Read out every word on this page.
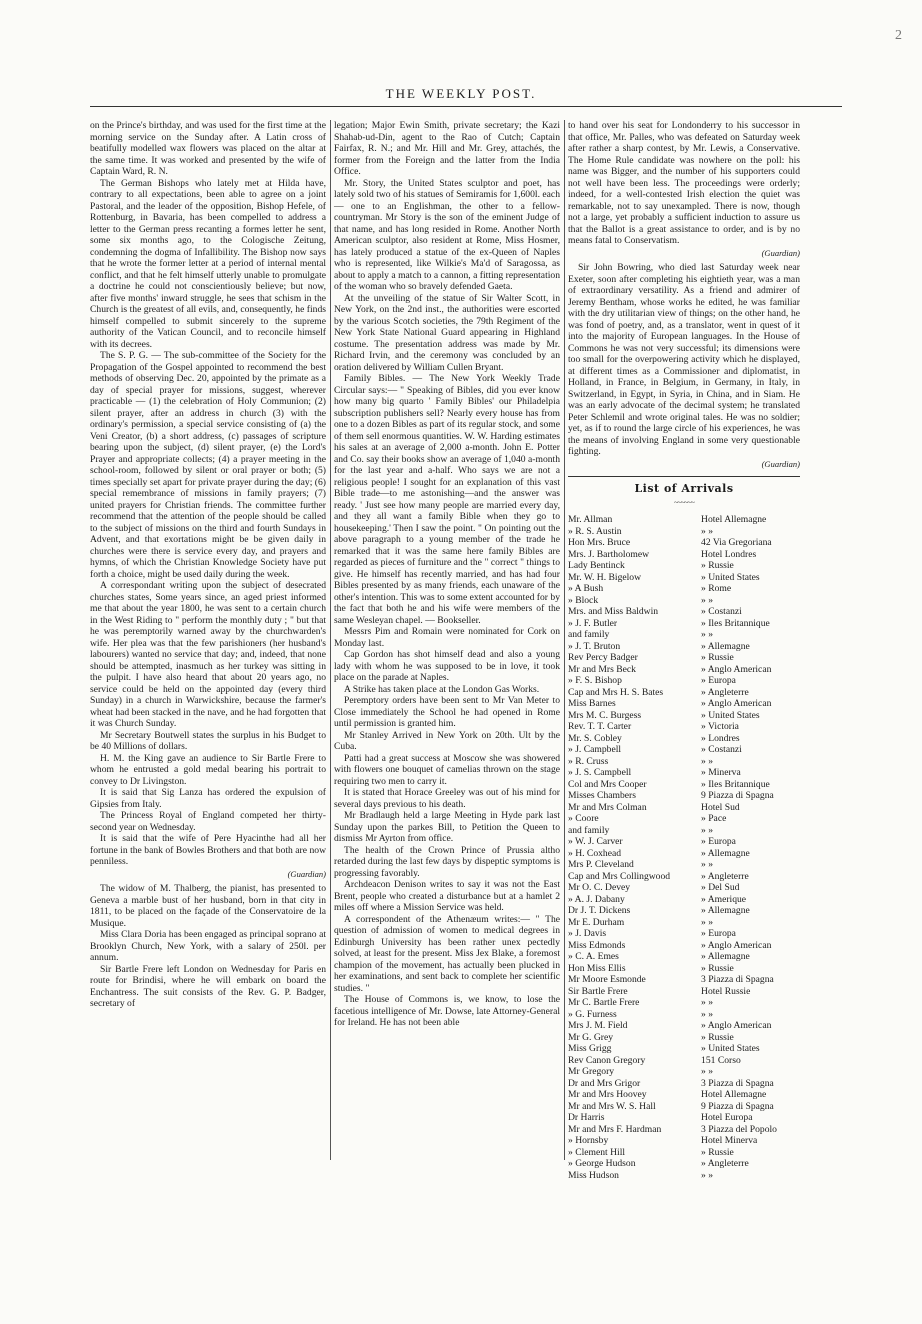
2
THE WEEKLY POST.

on the Prince's birthday, and was used for the first time at the morning service on the Sunday after. A Latin cross of beatifully modelled wax flowers was placed on the altar at the same time. It was worked and presented by the wife of Captain Ward, R. N.

The German Bishops who lately met at Hilda have, contrary to all expectations, been able to agree on a joint Pastoral, and the leader of the opposition, Bishop Hefele, of Rottenburg, in Bavaria, has been compelled to address a letter to the German press recanting a formes letter he sent, some six months ago, to the Cologische Zeitung, condemning the dogma of Infallibility. The Bishop now says that he wrote the former letter at a period of internal mental conflict, and that he felt himself utterly unable to promulgate a doctrine he could not conscientiously believe; but now, after five months' inward struggle, he sees that schism in the Church is the greatest of all evils, and, consequently, he finds himself compelled to submit sincerely to the supreme authority of the Vatican Council, and to reconcile himself with its decrees.

The S. P. G. — The sub-committee of the Society for the Propagation of the Gospel appointed to recommend the best methods of observing Dec. 20, appointed by the primate as a day of special prayer for missions, suggest, wherever practicable — (1) the celebration of Holy Communion; (2) silent prayer, after an address in church (3) with the ordinary's permission, a special service consisting of (a) the Veni Creator, (b) a short address, (c) passages of scripture bearing upon the subject, (d) silent prayer, (e) the Lord's Prayer and appropriate collects; (4) a prayer meeting in the school-room, followed by silent or oral prayer or both; (5) times specially set apart for private prayer during the day; (6) special remembrance of missions in family prayers; (7) united prayers for Christian friends. The committee further recommend that the attention of the people should be called to the subject of missions on the third and fourth Sundays in Advent, and that exortations might be be given daily in churches were there is service every day, and prayers and hymns, of which the Christian Knowledge Society have put forth a choice, might be used daily during the week.

A correspondant writing upon the subject of desecrated churches states, Some years since, an aged priest informed me that about the year 1800, he was sent to a certain church in the West Riding to " perform the monthly duty ; " but that he was peremptorily warned away by the churchwarden's wife. Her plea was that the few parishioners (her husband's labourers) wanted no service that day; and, indeed, that none should be attempted, inasmuch as her turkey was sitting in the pulpit. I have also heard that about 20 years ago, no service could be held on the appointed day (every third Sunday) in a church in Warwickshire, because the farmer's wheat had been stacked in the nave, and he had forgotten that it was Church Sunday.

Mr Secretary Boutwell states the surplus in his Budget to be 40 Millions of dollars.

H. M. the King gave an audience to Sir Bartle Frere to whom he entrusted a gold medal bearing his portrait to convey to Dr Livingston.

It is said that Sig Lanza has ordered the expulsion of Gipsies from Italy.

The Princess Royal of England competed her thirty-second year on Wednesday.

It is said that the wife of Pere Hyacinthe had all her fortune in the bank of Bowles Brothers and that both are now penniless.

(Guardian)

The widow of M. Thalberg, the pianist, has presented to Geneva a marble bust of her husband, born in that city in 1811, to be placed on the façade of the Conservatoire de la Musique.

Miss Clara Doria has been engaged as principal soprano at Brooklyn Church, New York, with a salary of 250l. per annum.

Sir Bartle Frere left London on Wednesday for Paris en route for Brindisi, where he will embark on board the Enchantress. The suit consists of the Rev. G. P. Badger, secretary of

legation; Major Ewin Smith, private secretary; the Kazi Shahab-ud-Din, agent to the Rao of Cutch; Captain Fairfax, R. N.; and Mr. Hill and Mr. Grey, attachés, the former from the Foreign and the latter from the India Office.

Mr. Story, the United States sculptor and poet, has lately sold two of his statues of Semiramis for 1,600l. each — one to an Englishman, the other to a fellow-countryman. Mr Story is the son of the eminent Judge of that name, and has long resided in Rome. Another North American sculptor, also resident at Rome, Miss Hosmer, has lately produced a statue of the ex-Queen of Naples who is represented, like Wilkie's Ma'd of Saragossa, as about to apply a match to a cannon, a fitting representation of the woman who so bravely defended Gaeta.

At the unveiling of the statue of Sir Walter Scott, in New York, on the 2nd inst., the authorities were escorted by the various Scotch societies, the 79th Regiment of the New York State National Guard appearing in Highland costume. The presentation address was made by Mr. Richard Irvin, and the ceremony was concluded by an oration delivered by William Cullen Bryant.

Family Bibles. — The New York Weekly Trade Circular says:— " Speaking of Bibles, did you ever know how many big quarto ' Family Bibles' our Philadelpia subscription publishers sell? Nearly every house has from one to a dozen Bibles as part of its regular stock, and some of them sell enormous quantities. W. W. Harding estimates his sales at an average of 2,000 a-month. John E. Potter and Co. say their books show an average of 1,040 a-month for the last year and a-half. Who says we are not a religious people! I sought for an explanation of this vast Bible trade—to me astonishing—and the answer was ready. ' Just see how many people are married every day, and they all want a family Bible when they go to housekeeping.' Then I saw the point. " On pointing out the above paragraph to a young member of the trade he remarked that it was the same here family Bibles are regarded as pieces of furniture and the " correct " things to give. He himself has recently married, and has had four Bibles presented by as many friends, each unaware of the other's intention. This was to some extent accounted for by the fact that both he and his wife were members of the same Wesleyan chapel. — Bookseller.

Messrs Pim and Romain were nominated for Cork on Monday last.

Cap Gordon has shot himself dead and also a young lady with whom he was supposed to be in love, it took place on the parade at Naples.

A Strike has taken place at the London Gas Works.

Peremptory orders have been sent to Mr Van Meter to Close immediately the School he had opened in Rome until permission is granted him.

Mr Stanley Arrived in New York on 20th. Ult by the Cuba.

Patti had a great success at Moscow she was showered with flowers one bouquet of camelias thrown on the stage requiring two men to carry it.

It is stated that Horace Greeley was out of his mind for several days previous to his death.

Mr Bradlaugh held a large Meeting in Hyde park last Sunday upon the parkes Bill, to Petition the Queen to dismiss Mr Ayrton from office.

The health of the Crown Prince of Prussia altho retarded during the last few days by dispeptic symptoms is progressing favorably.

Archdeacon Denison writes to say it was not the East Brent, people who created a disturbance but at a hamlet 2 miles off where a Mission Service was held.

A correspondent of the Athenæum writes:— " The question of admission of women to medical degrees in Edinburgh University has been rather unex pectedly solved, at least for the present. Miss Jex Blake, a foremost champion of the movement, has actually been plucked in her examinations, and sent back to complete her scientific studies. "

The House of Commons is, we know, to lose the facetious intelligence of Mr. Dowse, late Attorney-General for Ireland. He has not been able

to hand over his seat for Londonderry to his successor in that office, Mr. Palles, who was defeated on Saturday week after rather a sharp contest, by Mr. Lewis, a Conservative. The Home Rule candidate was nowhere on the poll: his name was Bigger, and the number of his supporters could not well have been less. The proceedings were orderly; indeed, for a well-contested Irish election the quiet was remarkable, not to say unexampled. There is now, though not a large, yet probably a sufficient induction to assure us that the Ballot is a great assistance to order, and is by no means fatal to Conservatism.

(Guardian)

Sir John Bowring, who died last Saturday week near Exeter, soon after completing his eightieth year, was a man of extraordinary versatility. As a friend and admirer of Jeremy Bentham, whose works he edited, he was familiar with the dry utilitarian view of things; on the other hand, he was fond of poetry, and, as a translator, went in quest of it into the majority of European languages. In the House of Commons he was not very successful; its dimensions were too small for the overpowering activity which he displayed, at different times as a Commissioner and diplomatist, in Holland, in France, in Belgium, in Germany, in Italy, in Switzerland, in Egypt, in Syria, in China, and in Siam. He was an early advocate of the decimal system; he translated Peter Schlemil and wrote original tales. He was no soldier; yet, as if to round the large circle of his experiences, he was the means of involving England in some very questionable fighting.

(Guardian)

List of Arrivals
~~~~~~
Mr. Allman	Hotel Allemagne
» R. S. Austin	» »
Hon Mrs. Bruce	42 Via Gregoriana
Mrs. J. Bartholomew	Hotel Londres
Lady Bentinck	» Russie
Mr. W. H. Bigelow	» United States
» A Bush	» Rome
» Block	» »
Mrs. and Miss Baldwin	» Costanzi
» J. F. Butler	» Iles Britannique
and family	» »
» J. T. Bruton	» Allemagne
Rev Percy Badger	» Russie
Mr and Mrs Beck	» Anglo American
» F. S. Bishop	» Europa
Cap and Mrs H. S. Bates	» Angleterre
Miss Barnes	» Anglo American
Mrs M. C. Burgess	» United States
Rev. T. T. Carter	» Victoria
Mr. S. Cobley	» Londres
» J. Campbell	» Costanzi
» R. Cruss	» »
» J. S. Campbell	» Minerva
Col and Mrs Cooper	» Iles Britannique
Misses Chambers	9 Piazza di Spagna
Mr and Mrs Colman	Hotel Sud
» Coore	» Pace
and family	» »
» W. J. Carver	» Europa
» H. Coxhead	» Allemagne
Mrs P. Cleveland	» »
Cap and Mrs Collingwood	» Angleterre
Mr O. C. Devey	» Del Sud
» A. J. Dabany	» Amerique
Dr J. T. Dickens	» Allemagne
Mr E. Durham	» »
» J. Davis	» Europa
Miss Edmonds	» Anglo American
» C. A. Emes	» Allemagne
Hon Miss Ellis	» Russie
Mr Moore Esmonde	3 Piazza di Spagna
Sir Bartle Frere	Hotel Russie
Mr C. Bartle Frere	» »
» G. Furness	» »
Mrs J. M. Field	» Anglo American
Mr G. Grey	» Russie
Miss Grigg	» United States
Rev Canon Gregory	151 Corso
Mr Gregory	» »
Dr and Mrs Grigor	3 Piazza di Spagna
Mr and Mrs Hoovey	Hotel Allemagne
Mr and Mrs W. S. Hall	9 Piazza di Spagna
Dr Harris	Hotel Europa
Mr and Mrs F. Hardman	3 Piazza del Popolo
» Hornsby	Hotel Minerva
» Clement Hill	» Russie
» George Hudson	» Angleterre
Miss Hudson	» »
